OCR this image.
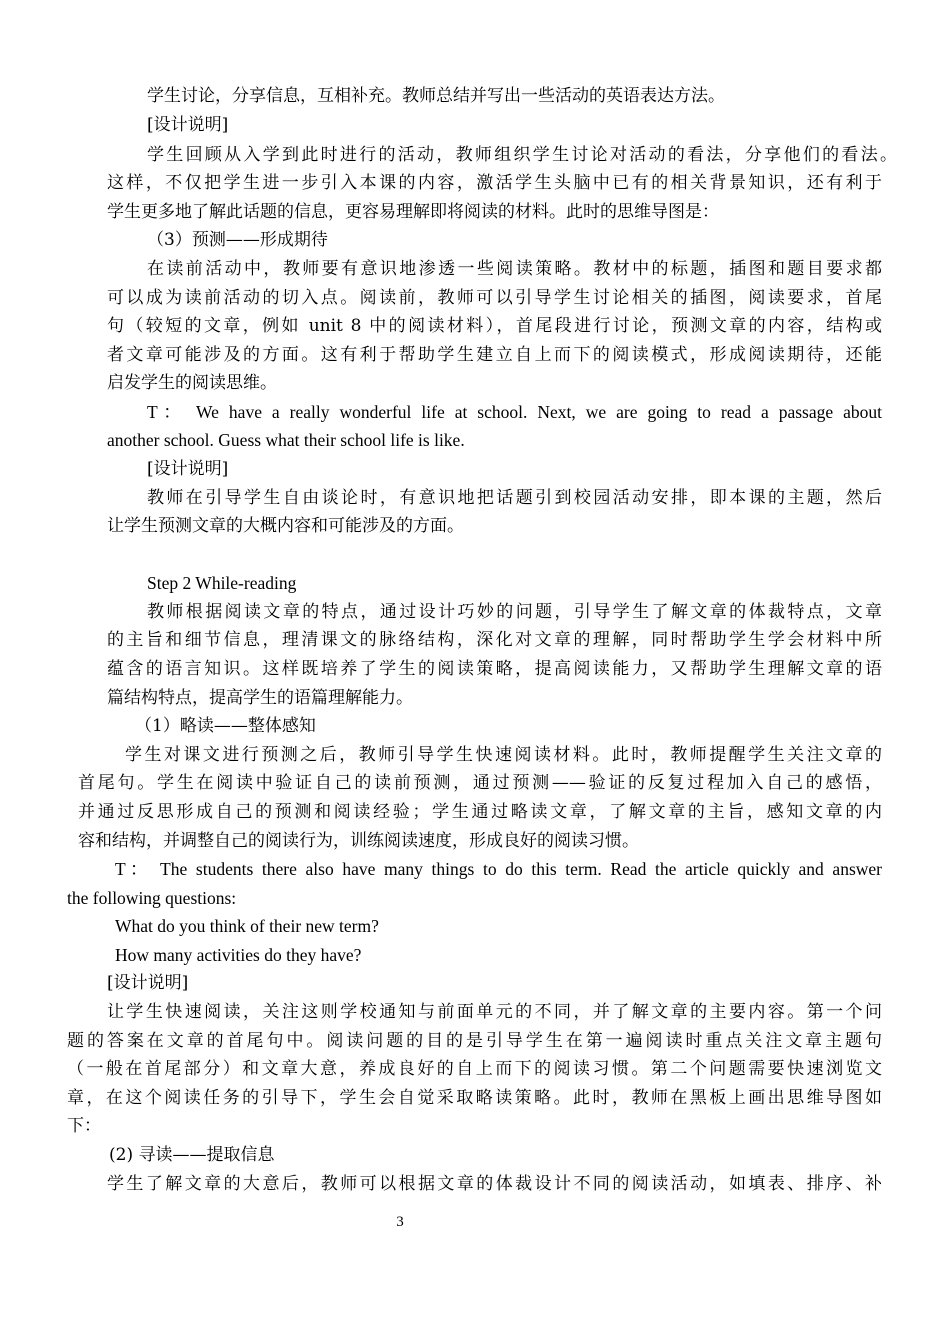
学生讨论，分享信息，互相补充。教师总结并写出一些活动的英语表达方法。

[设计说明]

学生回顾从入学到此时进行的活动，教师组织学生讨论对活动的看法，分享他们的看法。

这样，不仅把学生进一步引入本课的内容，激活学生头脑中已有的相关背景知识，还有利于

学生更多地了解此话题的信息，更容易理解即将阅读的材料。此时的思维导图是：

（3）预测——形成期待

在读前活动中，教师要有意识地渗透一些阅读策略。教材中的标题，插图和题目要求都

可以成为读前活动的切入点。阅读前，教师可以引导学生讨论相关的插图，阅读要求，首尾

句（较短的文章，例如 unit 8 中的阅读材料），首尾段进行讨论，预测文章的内容，结构或

者文章可能涉及的方面。这有利于帮助学生建立自上而下的阅读模式，形成阅读期待，还能

启发学生的阅读思维。

T： We have a really wonderful life at school. Next, we are going to read a passage about

another school. Guess what their school life is like.

[设计说明]

教师在引导学生自由谈论时，有意识地把话题引到校园活动安排，即本课的主题，然后

让学生预测文章的大概内容和可能涉及的方面。

Step 2 While-reading

教师根据阅读文章的特点，通过设计巧妙的问题，引导学生了解文章的体裁特点，文章

的主旨和细节信息，理清课文的脉络结构，深化对文章的理解，同时帮助学生学会材料中所

蕴含的语言知识。这样既培养了学生的阅读策略，提高阅读能力，又帮助学生理解文章的语

篇结构特点，提高学生的语篇理解能力。

（1）略读——整体感知

学生对课文进行预测之后，教师引导学生快速阅读材料。此时，教师提醒学生关注文章的

首尾句。学生在阅读中验证自己的读前预测，通过预测——验证的反复过程加入自己的感悟，

并通过反思形成自己的预测和阅读经验；学生通过略读文章，了解文章的主旨，感知文章的内

容和结构，并调整自己的阅读行为，训练阅读速度，形成良好的阅读习惯。

T： The students there also have many things to do this term. Read the article quickly and answer

the following questions:

What do you think of their new term?

How many activities do they have?

[设计说明]

让学生快速阅读，关注这则学校通知与前面单元的不同，并了解文章的主要内容。第一个问

题的答案在文章的首尾句中。阅读问题的目的是引导学生在第一遍阅读时重点关注文章主题句

（一般在首尾部分）和文章大意，养成良好的自上而下的阅读习惯。第二个问题需要快速浏览文

章，在这个阅读任务的引导下，学生会自觉采取略读策略。此时，教师在黑板上画出思维导图如

下：

(2) 寻读——提取信息

学生了解文章的大意后，教师可以根据文章的体裁设计不同的阅读活动，如填表、排序、补

3
